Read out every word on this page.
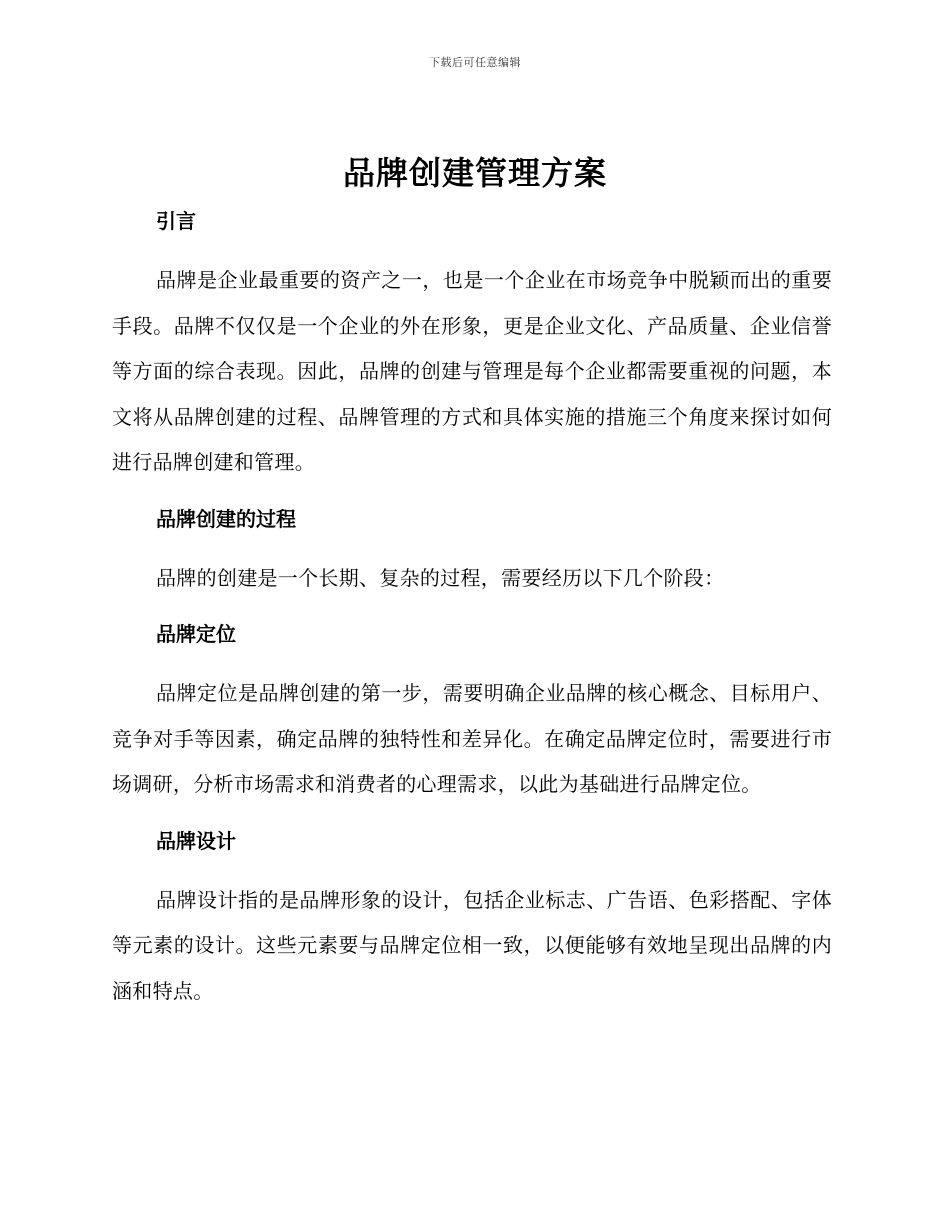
下载后可任意编辑
品牌创建管理方案
引言

品牌是企业最重要的资产之一，也是一个企业在市场竞争中脱颖而出的重要手段。品牌不仅仅是一个企业的外在形象，更是企业文化、产品质量、企业信誉等方面的综合表现。因此，品牌的创建与管理是每个企业都需要重视的问题，本文将从品牌创建的过程、品牌管理的方式和具体实施的措施三个角度来探讨如何进行品牌创建和管理。

品牌创建的过程

品牌的创建是一个长期、复杂的过程，需要经历以下几个阶段：

品牌定位

品牌定位是品牌创建的第一步，需要明确企业品牌的核心概念、目标用户、竞争对手等因素，确定品牌的独特性和差异化。在确定品牌定位时，需要进行市场调研，分析市场需求和消费者的心理需求，以此为基础进行品牌定位。

品牌设计

品牌设计指的是品牌形象的设计，包括企业标志、广告语、色彩搭配、字体等元素的设计。这些元素要与品牌定位相一致，以便能够有效地呈现出品牌的内涵和特点。
